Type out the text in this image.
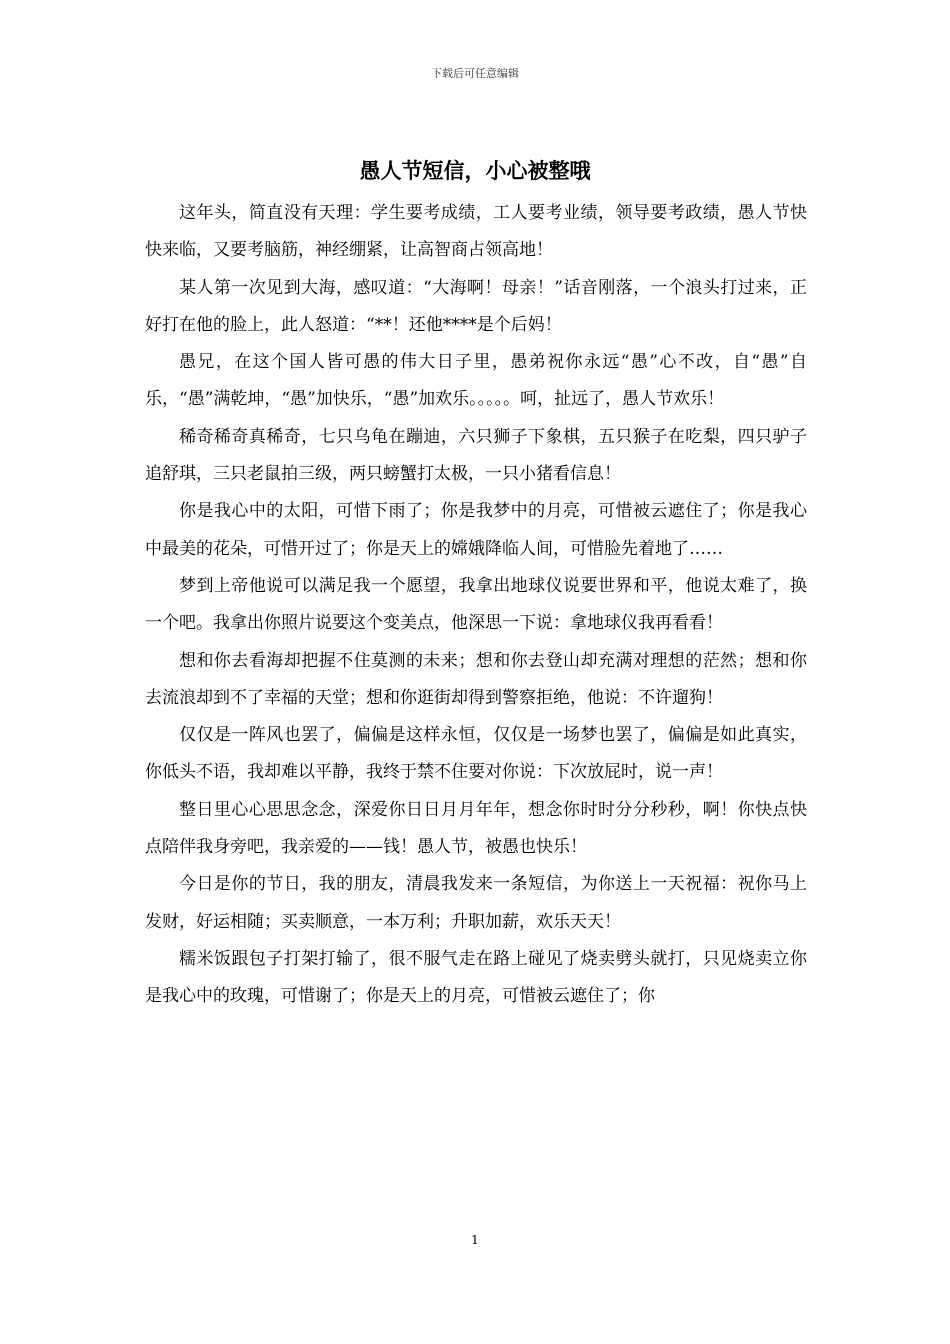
下载后可任意编辑
愚人节短信，小心被整哦

这年头，简直没有天理：学生要考成绩，工人要考业绩，领导要考政绩，愚人节快快来临，又要考脑筋，神经绷紧，让高智商占领高地！

某人第一次见到大海，感叹道：“大海啊！母亲！”话音刚落，一个浪头打过来，正好打在他的脸上，此人怒道：“**！还他****是个后妈！

愚兄，在这个国人皆可愚的伟大日子里，愚弟祝你永远“愚”心不改，自“愚”自乐，“愚”满乾坤，“愚”加快乐，“愚”加欢乐。。。。。呵，扯远了，愚人节欢乐！

稀奇稀奇真稀奇，七只乌龟在蹦迪，六只狮子下象棋，五只猴子在吃梨，四只驴子追舒琪，三只老鼠拍三级，两只螃蟹打太极，一只小猪看信息！

你是我心中的太阳，可惜下雨了；你是我梦中的月亮，可惜被云遮住了；你是我心中最美的花朵，可惜开过了；你是天上的嫦娥降临人间，可惜脸先着地了……

梦到上帝他说可以满足我一个愿望，我拿出地球仪说要世界和平，他说太难了，换一个吧。我拿出你照片说要这个变美点，他深思一下说：拿地球仪我再看看！

想和你去看海却把握不住莫测的未来；想和你去登山却充满对理想的茫然；想和你去流浪却到不了幸福的天堂；想和你逛街却得到警察拒绝，他说：不许遛狗！

仅仅是一阵风也罢了，偏偏是这样永恒，仅仅是一场梦也罢了，偏偏是如此真实，你低头不语，我却难以平静，我终于禁不住要对你说：下次放屁时，说一声！

整日里心心思思念念，深爱你日日月月年年，想念你时时分分秒秒，啊！你快点快点陪伴我身旁吧，我亲爱的——钱！愚人节，被愚也快乐！

今日是你的节日，我的朋友，清晨我发来一条短信，为你送上一天祝福：祝你马上发财，好运相随；买卖顺意，一本万利；升职加薪，欢乐天天！

糯米饭跟包子打架打输了，很不服气走在路上碰见了烧卖劈头就打，只见烧卖立你是我心中的玫瑰，可惜谢了；你是天上的月亮，可惜被云遮住了；你

1
